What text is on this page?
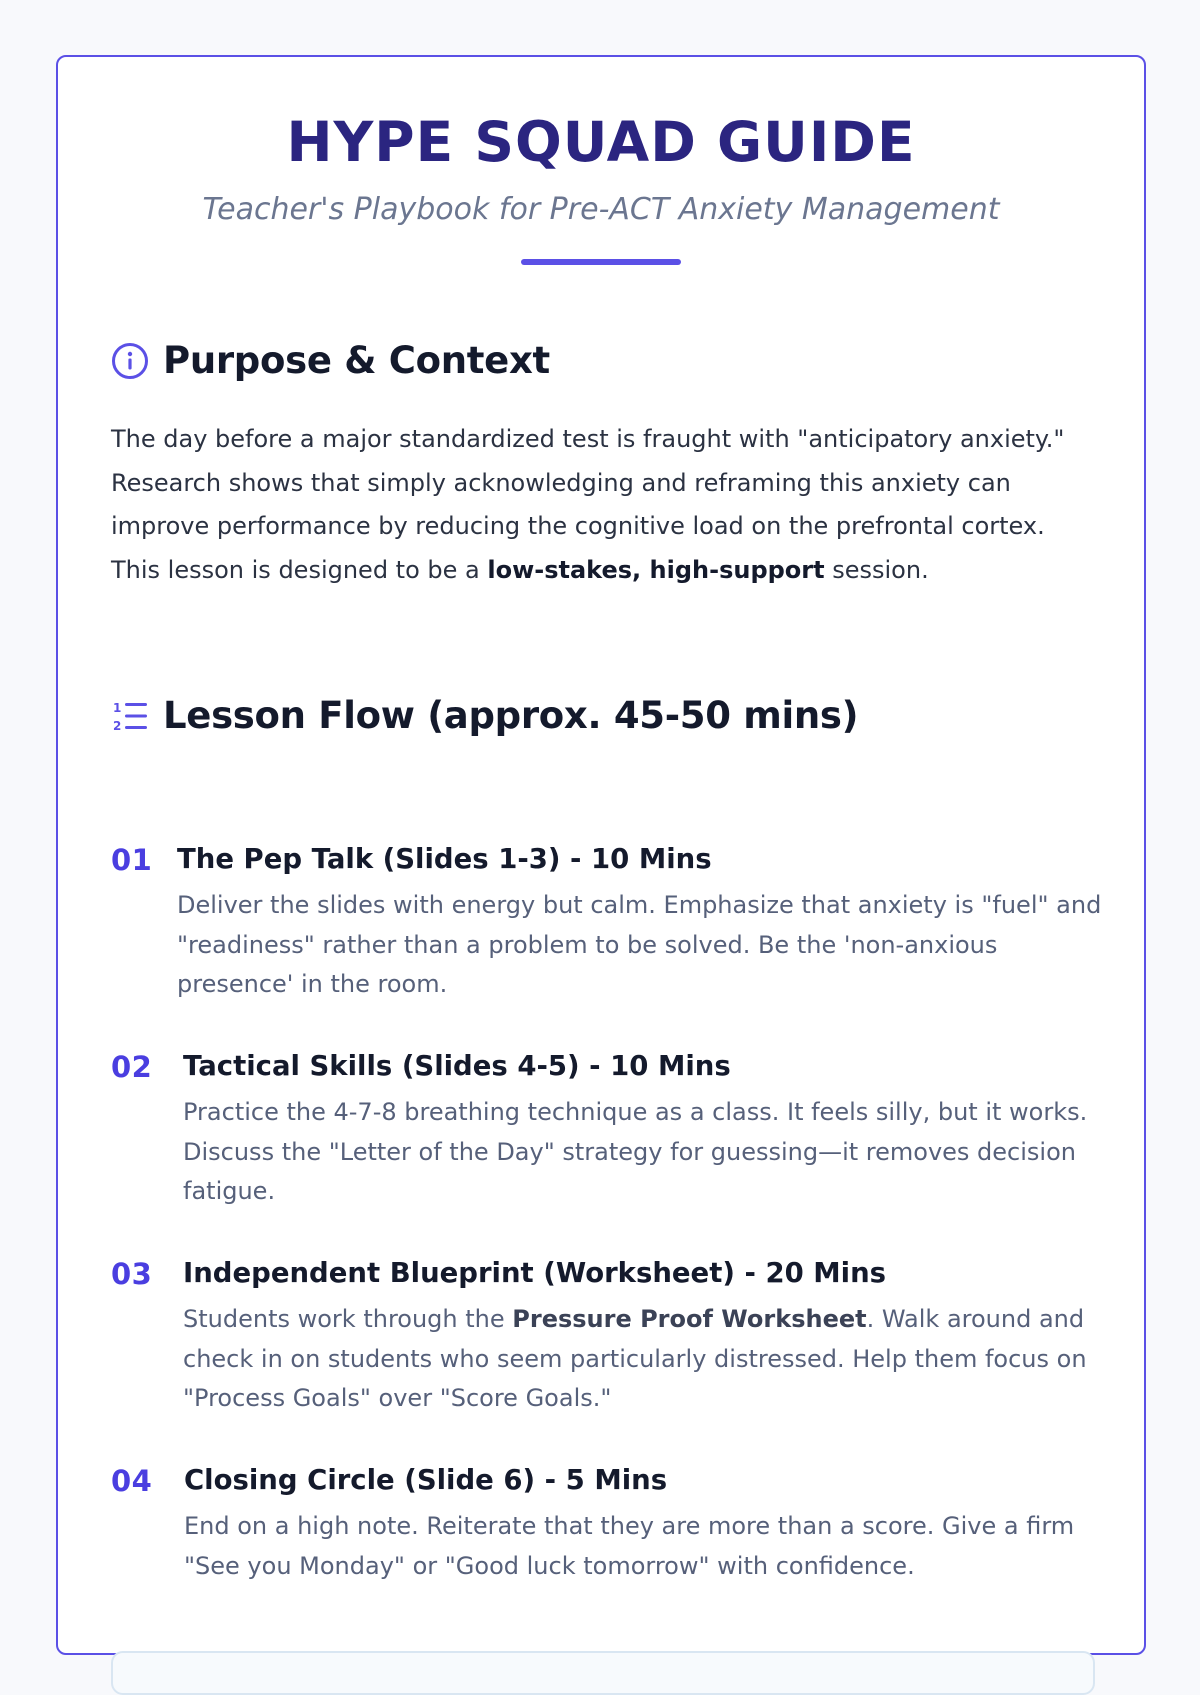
HYPE SQUAD GUIDE
Teacher's Playbook for Pre-ACT Anxiety Management
Purpose & Context

The day before a major standardized test is fraught with "anticipatory anxiety." Research shows that simply acknowledging and reframing this anxiety can improve performance by reducing the cognitive load on the prefrontal cortex. This lesson is designed to be a low-stakes, high-support session.

1
2 Lesson Flow (approx. 45-50 mins)
01 The Pep Talk (Slides 1-3) - 10 Mins

Deliver the slides with energy but calm. Emphasize that anxiety is "fuel" and "readiness" rather than a problem to be solved. Be the 'non-anxious presence' in the room.

02 Tactical Skills (Slides 4-5) - 10 Mins

Practice the 4-7-8 breathing technique as a class. It feels silly, but it works. Discuss the "Letter of the Day" strategy for guessing—it removes decision fatigue.

03 Independent Blueprint (Worksheet) - 20 Mins

Students work through the Pressure Proof Worksheet. Walk around and check in on students who seem particularly distressed. Help them focus on "Process Goals" over "Score Goals."

04 Closing Circle (Slide 6) - 5 Mins

End on a high note. Reiterate that they are more than a score. Give a firm "See you Monday" or "Good luck tomorrow" with confidence.
